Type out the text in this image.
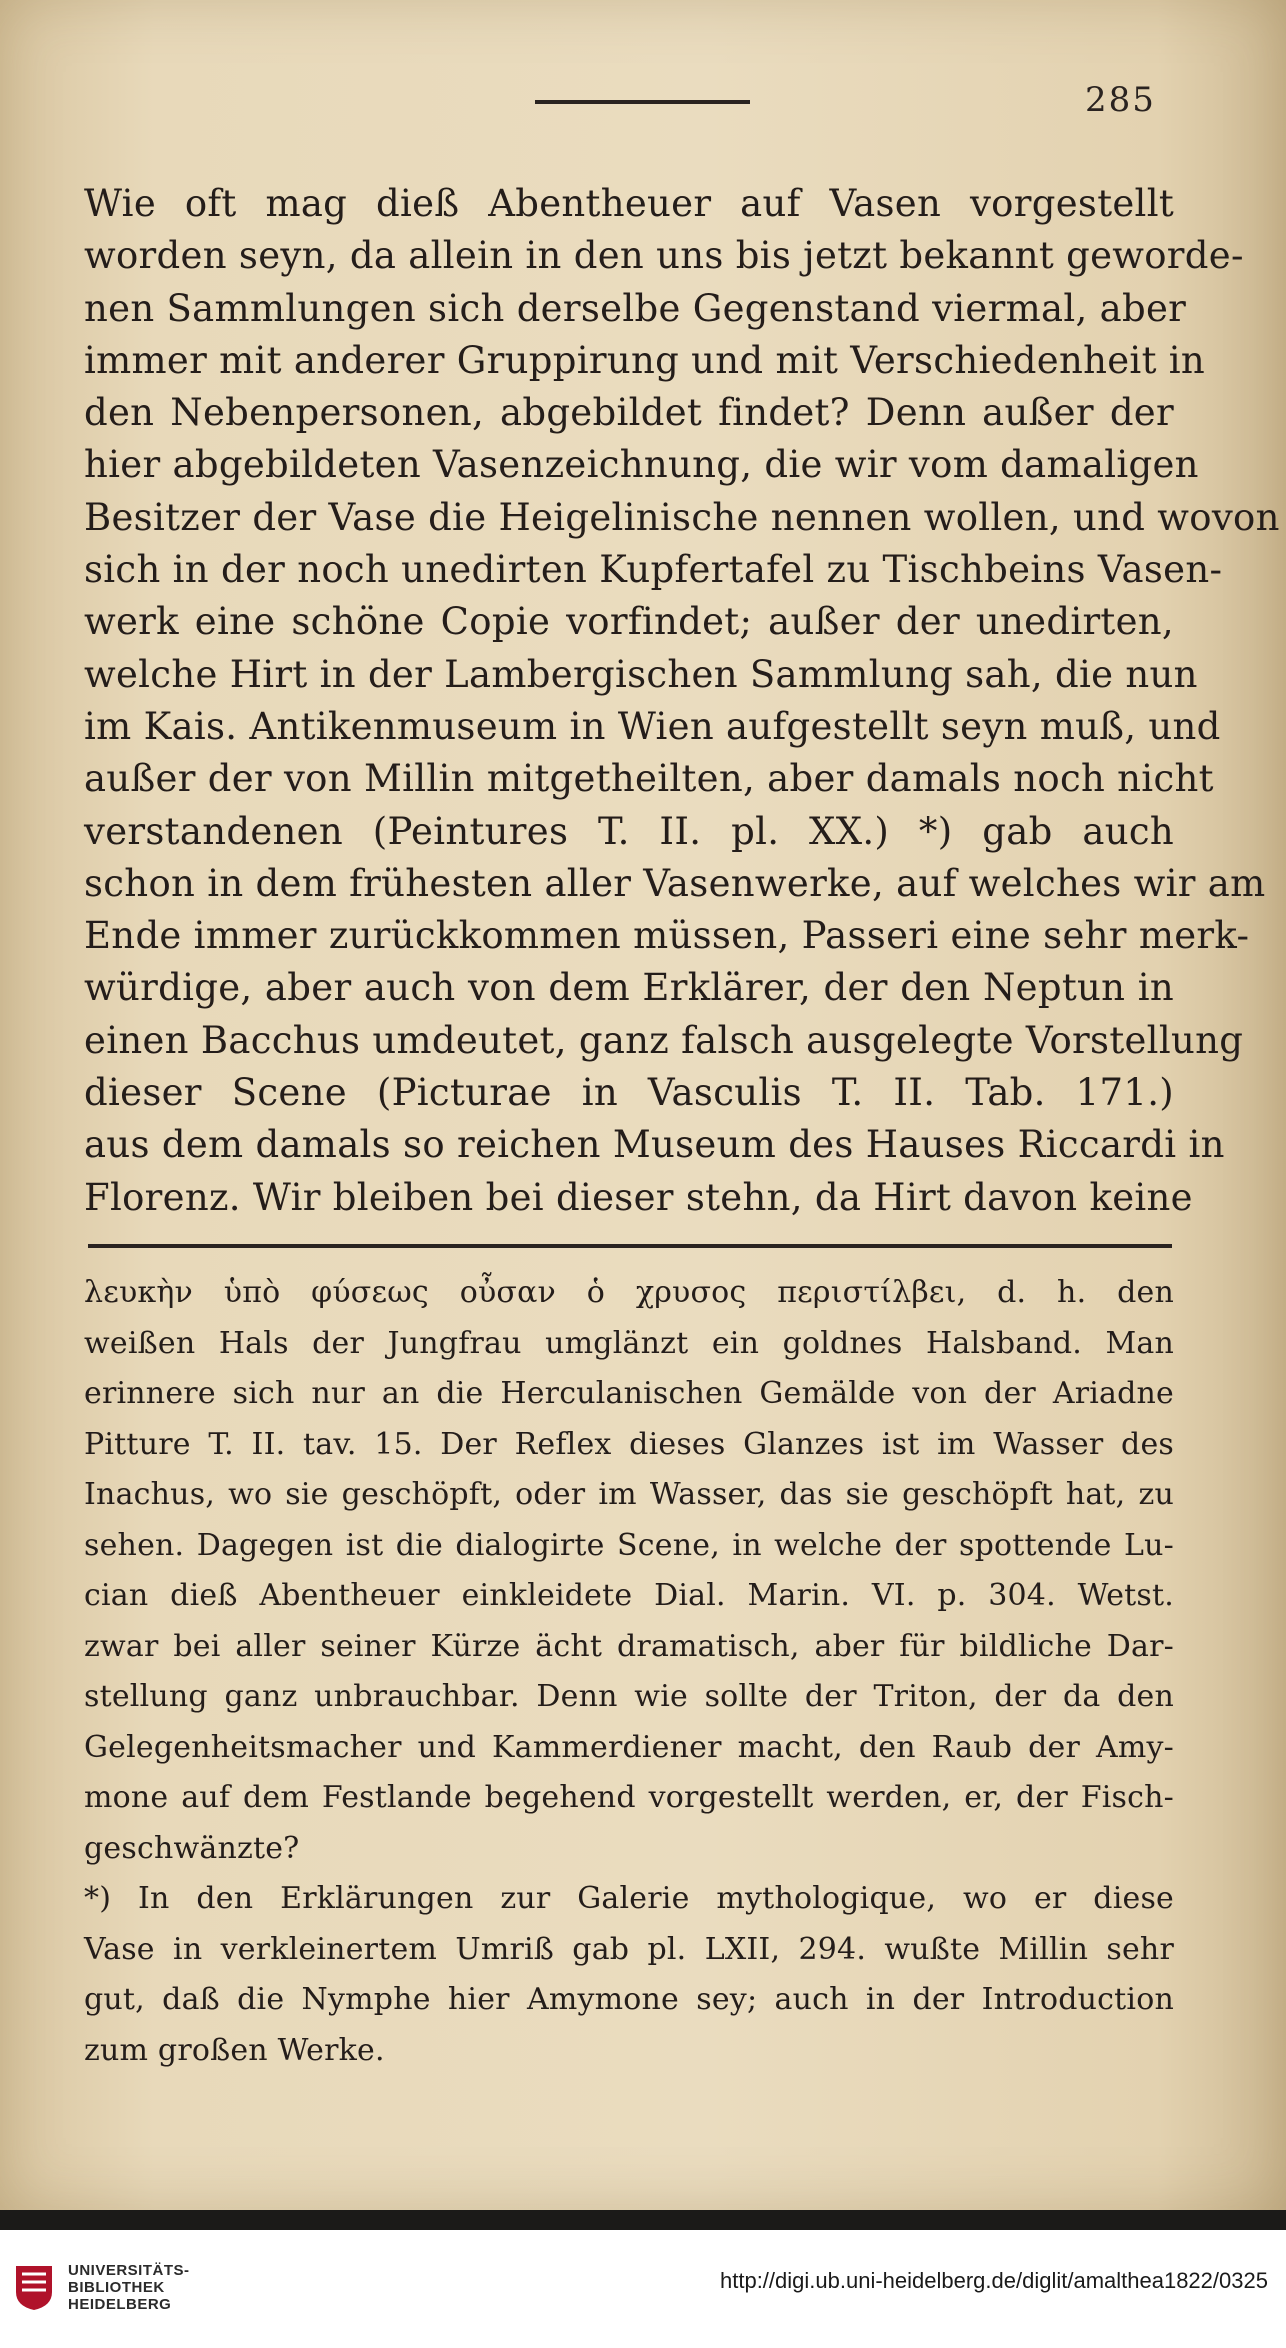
285
Wie oft mag dieß Abentheuer auf Vasen vorgestellt
worden seyn, da allein in den uns bis jetzt bekannt geworde-
nen Sammlungen sich derselbe Gegenstand viermal, aber
immer mit anderer Gruppirung und mit Verschiedenheit in
den Nebenpersonen, abgebildet findet? Denn außer der
hier abgebildeten Vasenzeichnung, die wir vom damaligen
Besitzer der Vase die Heigelinische nennen wollen, und wovon
sich in der noch unedirten Kupfertafel zu Tischbeins Vasen-
werk eine schöne Copie vorfindet; außer der unedirten,
welche Hirt in der Lambergischen Sammlung sah, die nun
im Kais. Antikenmuseum in Wien aufgestellt seyn muß, und
außer der von Millin mitgetheilten, aber damals noch nicht
verstandenen (Peintures T. II. pl. XX.) *) gab auch
schon in dem frühesten aller Vasenwerke, auf welches wir am
Ende immer zurückkommen müssen, Passeri eine sehr merk-
würdige, aber auch von dem Erklärer, der den Neptun in
einen Bacchus umdeutet, ganz falsch ausgelegte Vorstellung
dieser Scene (Picturae in Vasculis T. II. Tab. 171.)
aus dem damals so reichen Museum des Hauses Riccardi in
Florenz. Wir bleiben bei dieser stehn, da Hirt davon keine
λευκὴν ὑπὸ φύσεως οὖσαν ὁ χρυσος περιστίλβει, d. h. den
weißen Hals der Jungfrau umglänzt ein goldnes Halsband. Man
erinnere sich nur an die Herculanischen Gemälde von der Ariadne
Pitture T. II. tav. 15. Der Reflex dieses Glanzes ist im Wasser des
Inachus, wo sie geschöpft, oder im Wasser, das sie geschöpft hat, zu
sehen. Dagegen ist die dialogirte Scene, in welche der spottende Lu-
cian dieß Abentheuer einkleidete Dial. Marin. VI. p. 304. Wetst.
zwar bei aller seiner Kürze ächt dramatisch, aber für bildliche Dar-
stellung ganz unbrauchbar. Denn wie sollte der Triton, der da den
Gelegenheitsmacher und Kammerdiener macht, den Raub der Amy-
mone auf dem Festlande begehend vorgestellt werden, er, der Fisch-
geschwänzte?
*) In den Erklärungen zur Galerie mythologique, wo er diese
Vase in verkleinertem Umriß gab pl. LXII, 294. wußte Millin sehr
gut, daß die Nymphe hier Amymone sey; auch in der Introduction
zum großen Werke.
UNIVERSITÄTS-
BIBLIOTHEK
HEIDELBERG
http://digi.ub.uni-heidelberg.de/diglit/amalthea1822/0325
